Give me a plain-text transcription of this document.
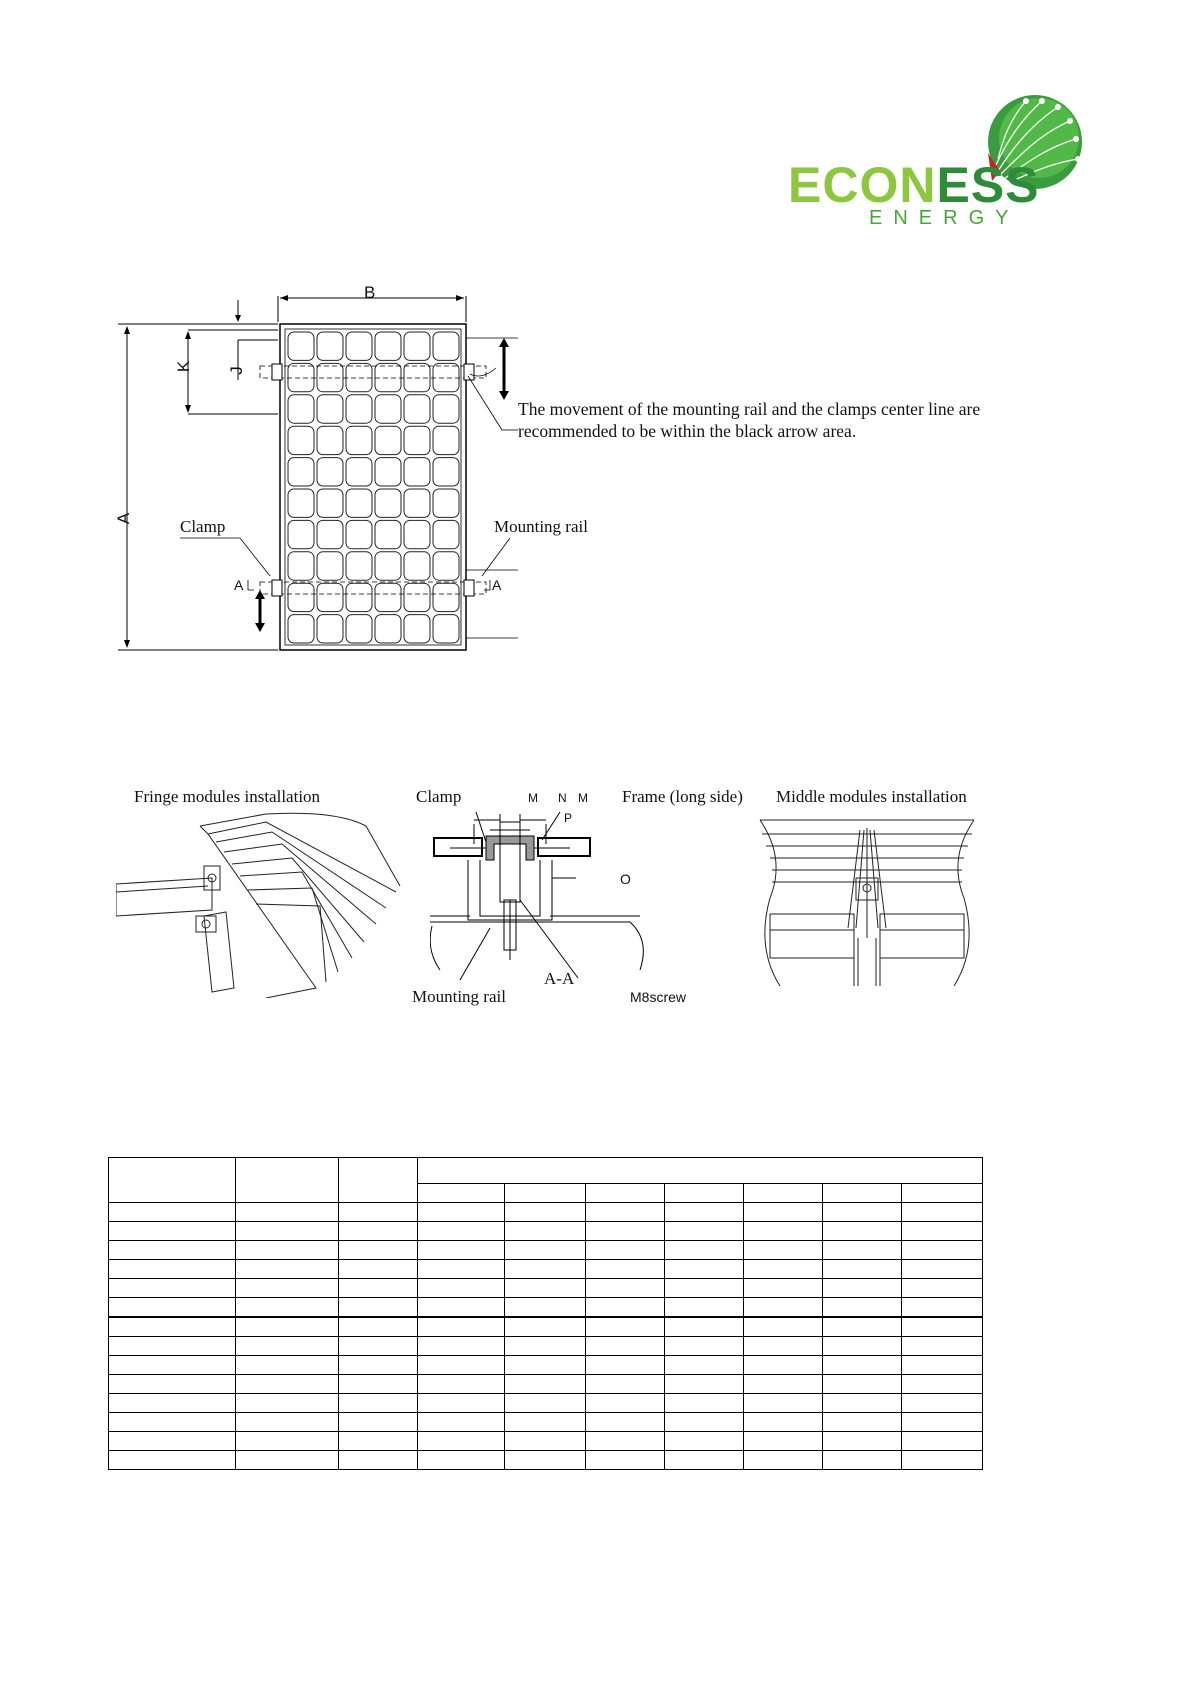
ECONESS
ENERGY
B
A
K J
The movement of the mounting rail and the clamps center line are recommended to be within the black arrow area.
Clamp	Mounting rail
A	A
Fringe modules installation	Clamp	Frame (long side) Middle modules installation
M N M
P
O
Mounting rail
A-A
M8screw
